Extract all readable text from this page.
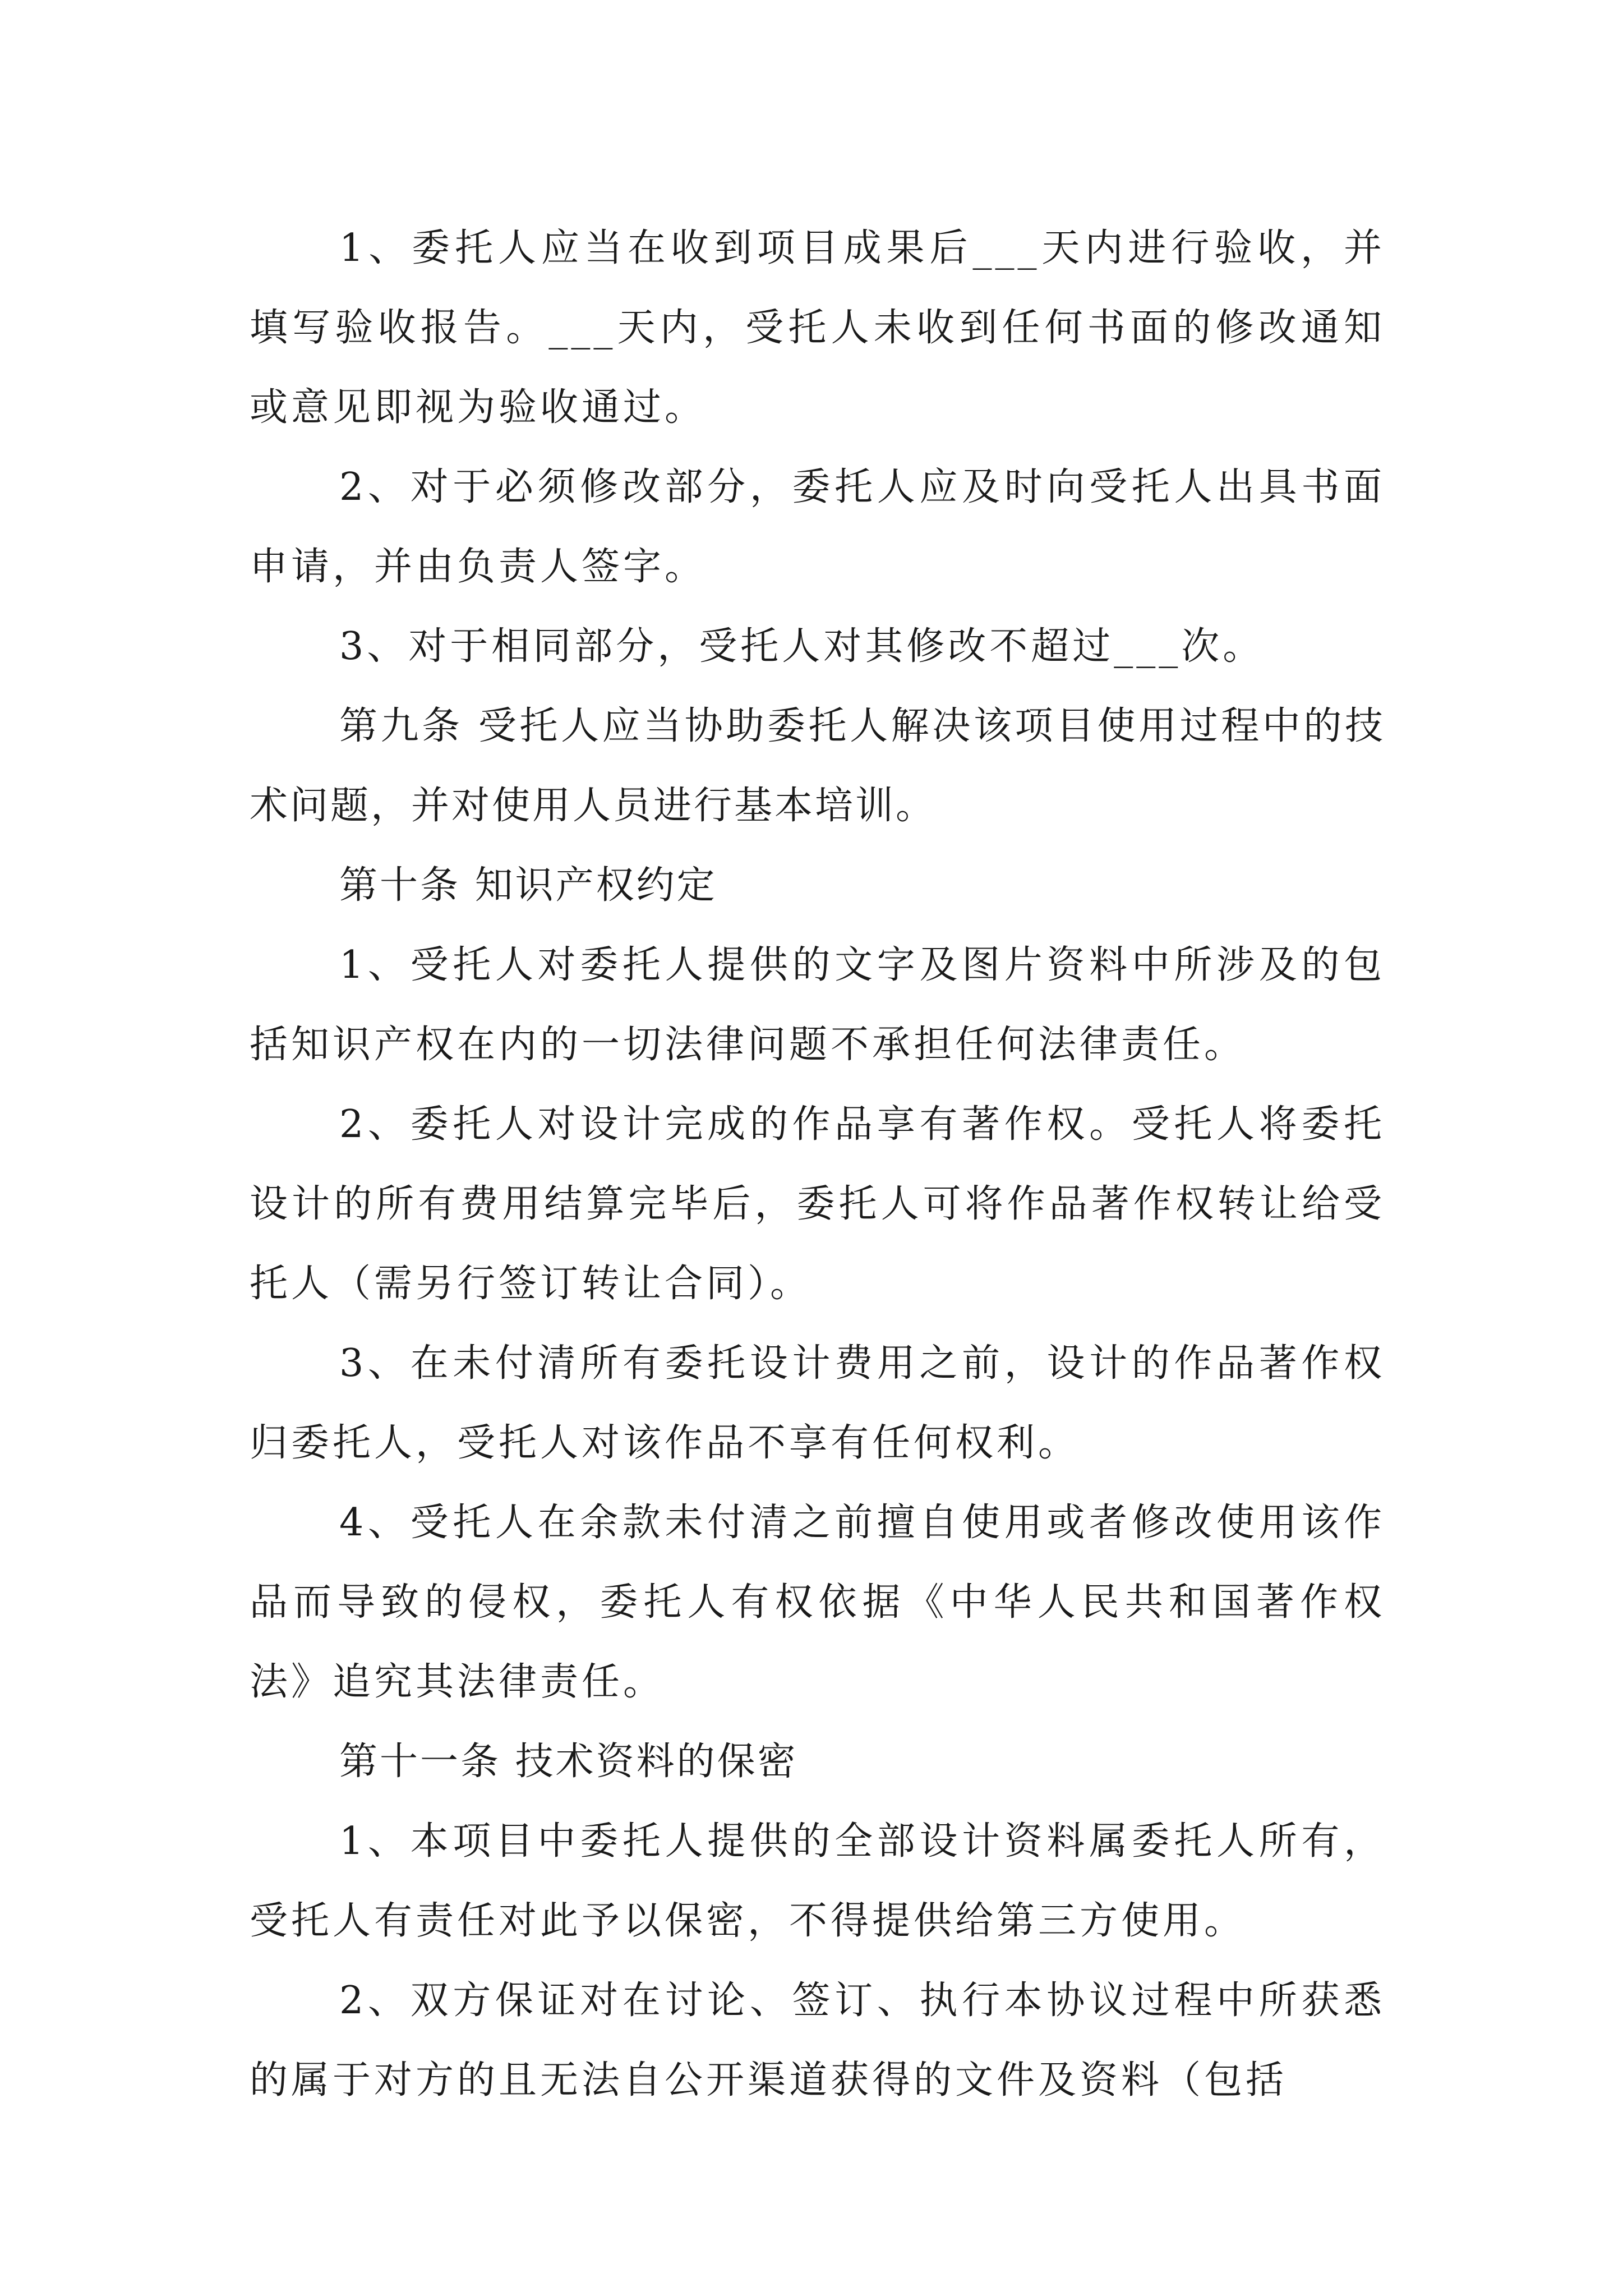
1、委托人应当在收到项目成果后___天内进行验收，并填写验收报告。___天内，受托人未收到任何书面的修改通知或意见即视为验收通过。

2、对于必须修改部分，委托人应及时向受托人出具书面申请，并由负责人签字。

3、对于相同部分，受托人对其修改不超过___次。

第九条 受托人应当协助委托人解决该项目使用过程中的技术问题，并对使用人员进行基本培训。

第十条 知识产权约定

1、受托人对委托人提供的文字及图片资料中所涉及的包括知识产权在内的一切法律问题不承担任何法律责任。

2、委托人对设计完成的作品享有著作权。受托人将委托设计的所有费用结算完毕后，委托人可将作品著作权转让给受托人（需另行签订转让合同）。

3、在未付清所有委托设计费用之前，设计的作品著作权归委托人，受托人对该作品不享有任何权利。

4、受托人在余款未付清之前擅自使用或者修改使用该作品而导致的侵权，委托人有权依据《中华人民共和国著作权法》追究其法律责任。

第十一条 技术资料的保密

1、本项目中委托人提供的全部设计资料属委托人所有，受托人有责任对此予以保密，不得提供给第三方使用。

2、双方保证对在讨论、签订、执行本协议过程中所获悉的属于对方的且无法自公开渠道获得的文件及资料（包括
